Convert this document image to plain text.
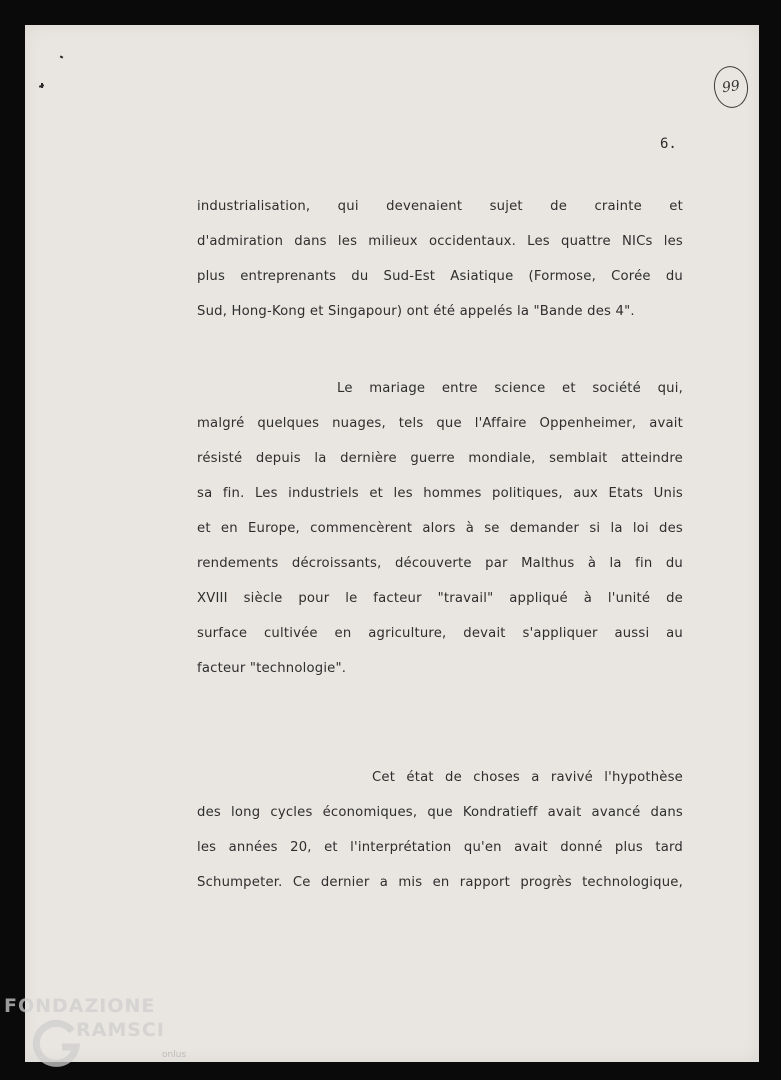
99
6.
industrialisation, qui devenaient sujet de crainte et
d'admiration dans les milieux occidentaux. Les quattre NICs les
plus entreprenants du Sud-Est Asiatique (Formose, Corée du
Sud, Hong-Kong et Singapour) ont été appelés la "Bande des 4".
Le mariage entre science et société qui,
malgré quelques nuages, tels que l'Affaire Oppenheimer, avait
résisté depuis la dernière guerre mondiale, semblait atteindre
sa fin. Les industriels et les hommes politiques, aux Etats Unis
et en Europe, commencèrent alors à se demander si la loi des
rendements décroissants, découverte par Malthus à la fin du
XVIII siècle pour le facteur "travail" appliqué à l'unité de
surface cultivée en agriculture, devait s'appliquer aussi au
facteur "technologie".
Cet état de choses a ravivé l'hypothèse
des long cycles économiques, que Kondratieff avait avancé dans
les années 20, et l'interprétation qu'en avait donné plus tard
Schumpeter. Ce dernier a mis en rapport progrès technologique,
FONDAZIONE
RAMSCI
onlus
